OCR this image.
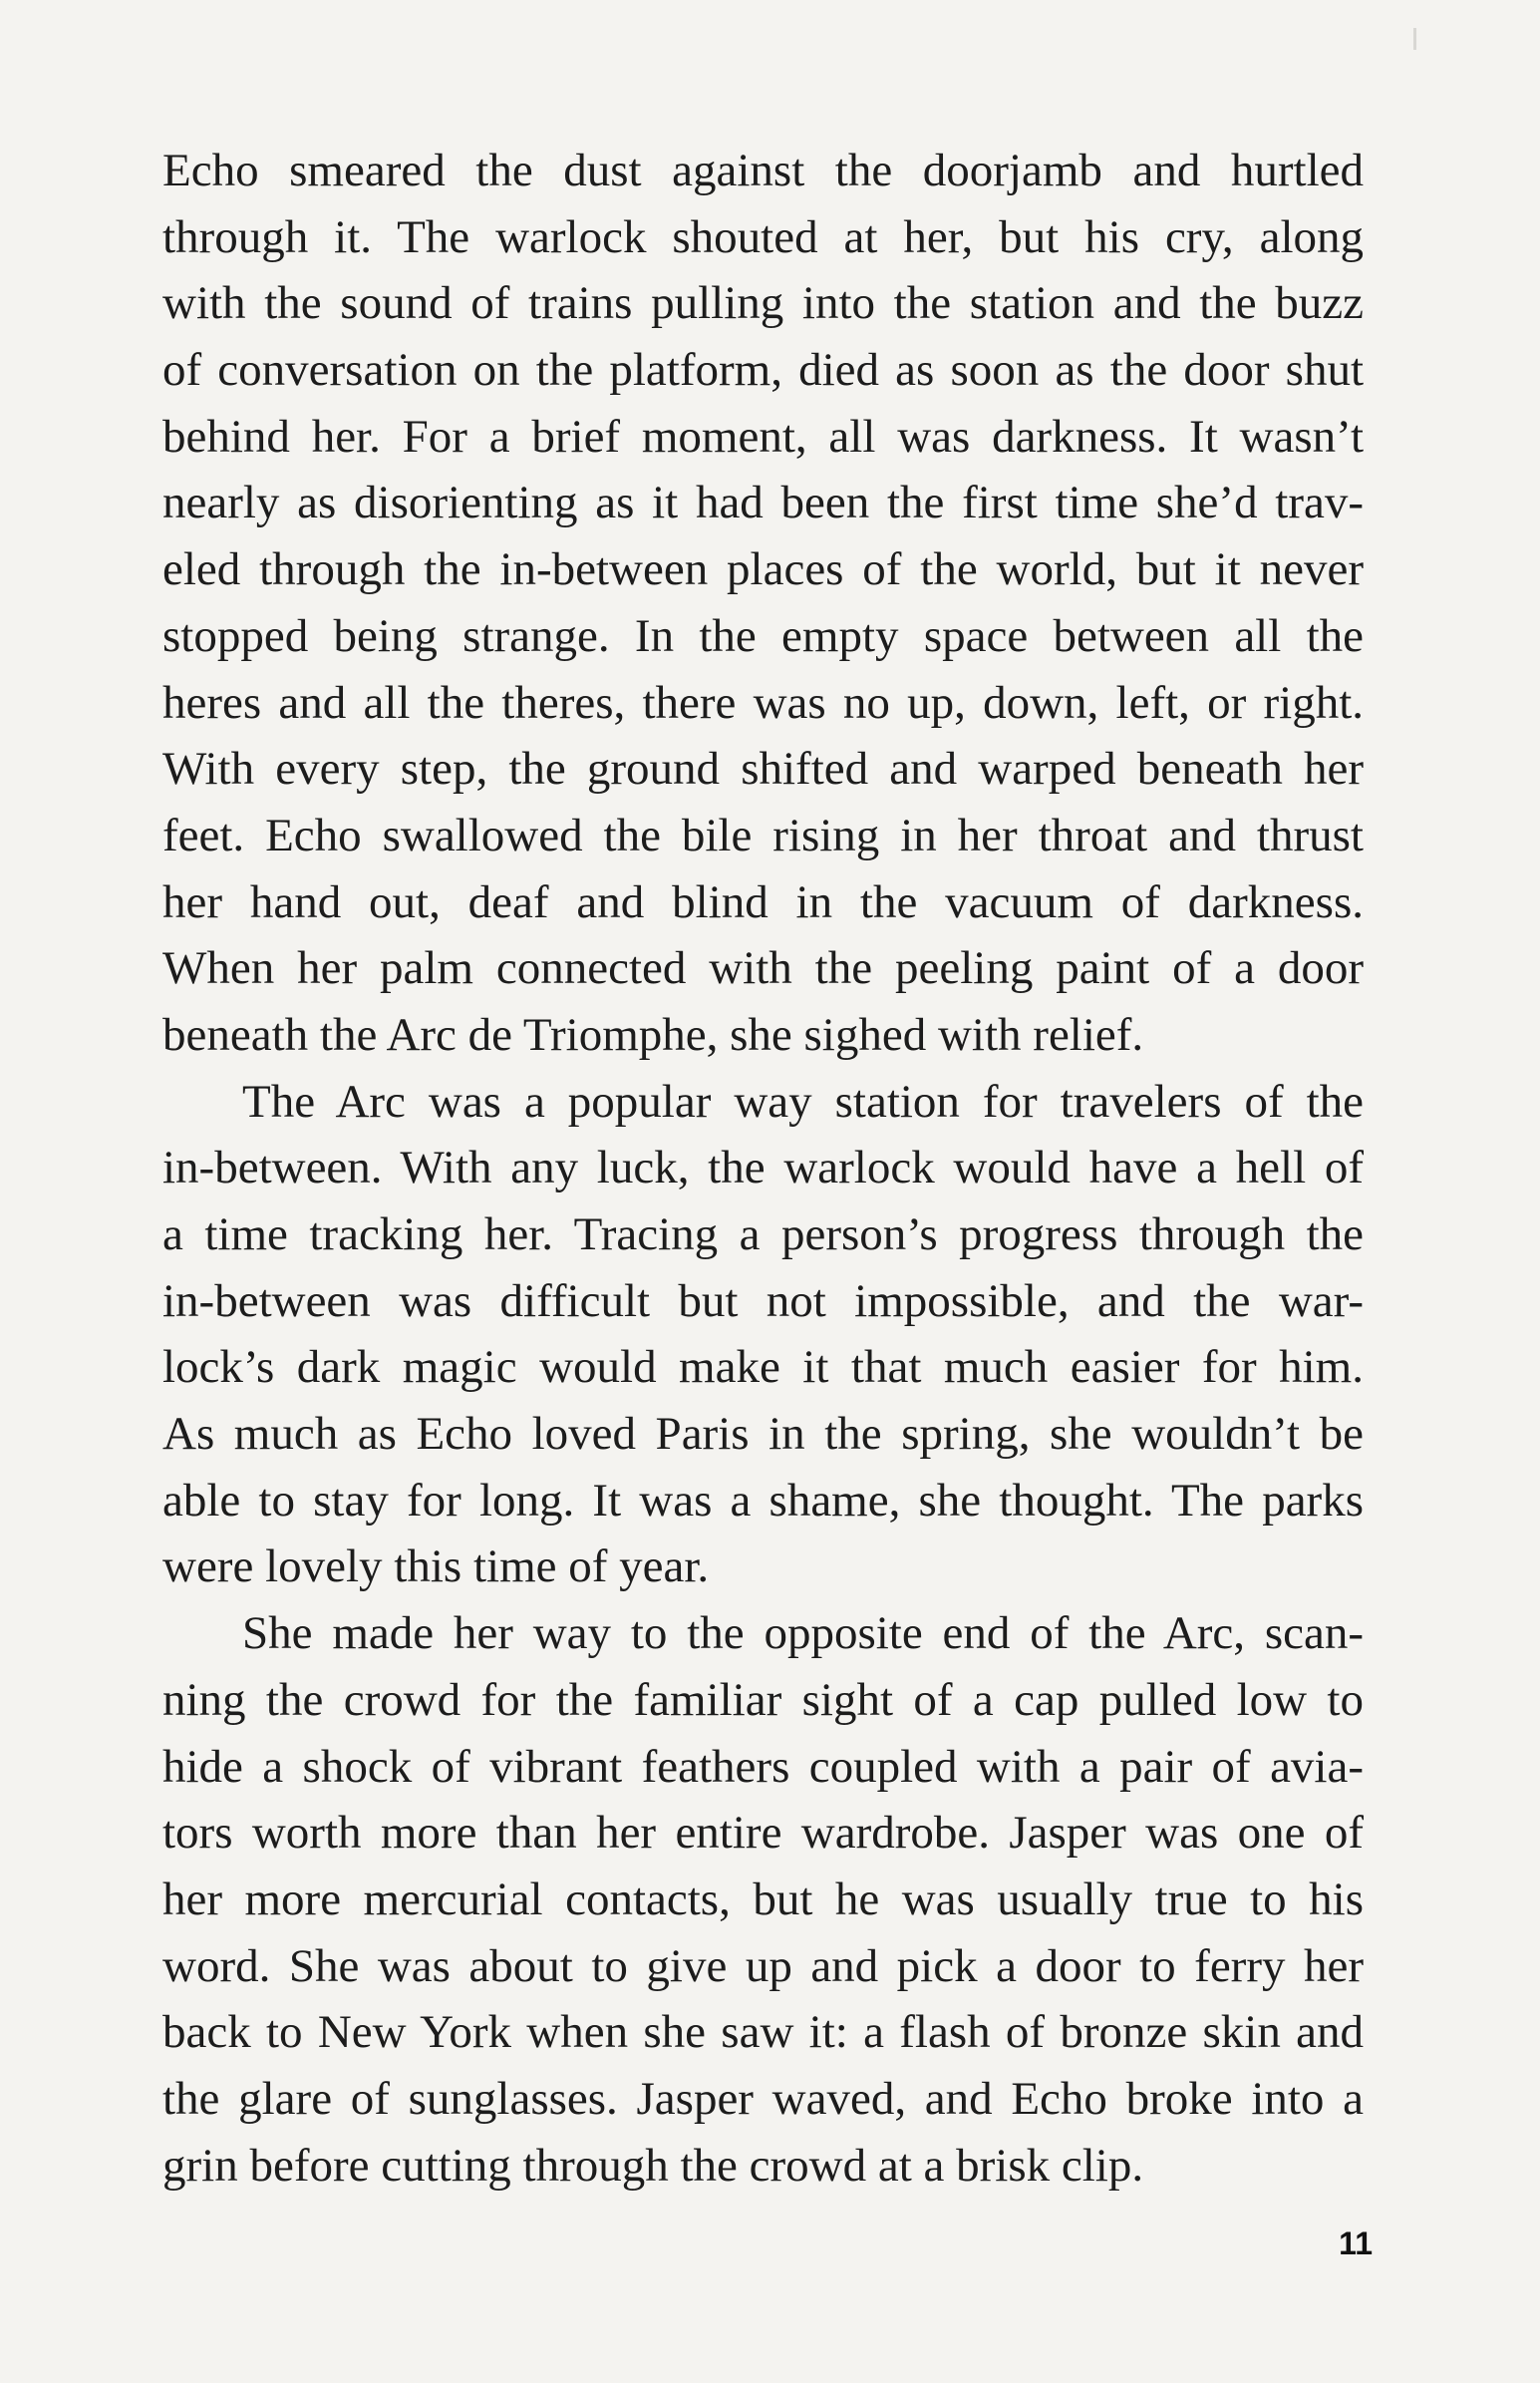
Echo smeared the dust against the doorjamb and hurtled
through it. The warlock shouted at her, but his cry, along
with the sound of trains pulling into the station and the buzz
of conversation on the platform, died as soon as the door shut
behind her. For a brief moment, all was darkness. It wasn’t
nearly as disorienting as it had been the first time she’d trav-
eled through the in-between places of the world, but it never
stopped being strange. In the empty space between all the
heres and all the theres, there was no up, down, left, or right.
With every step, the ground shifted and warped beneath her
feet. Echo swallowed the bile rising in her throat and thrust
her hand out, deaf and blind in the vacuum of darkness.
When her palm connected with the peeling paint of a door
beneath the Arc de Triomphe, she sighed with relief.
The Arc was a popular way station for travelers of the
in-between. With any luck, the warlock would have a hell of
a time tracking her. Tracing a person’s progress through the
in-between was difficult but not impossible, and the war-
lock’s dark magic would make it that much easier for him.
As much as Echo loved Paris in the spring, she wouldn’t be
able to stay for long. It was a shame, she thought. The parks
were lovely this time of year.
She made her way to the opposite end of the Arc, scan-
ning the crowd for the familiar sight of a cap pulled low to
hide a shock of vibrant feathers coupled with a pair of avia-
tors worth more than her entire wardrobe. Jasper was one of
her more mercurial contacts, but he was usually true to his
word. She was about to give up and pick a door to ferry her
back to New York when she saw it: a flash of bronze skin and
the glare of sunglasses. Jasper waved, and Echo broke into a
grin before cutting through the crowd at a brisk clip.
11
